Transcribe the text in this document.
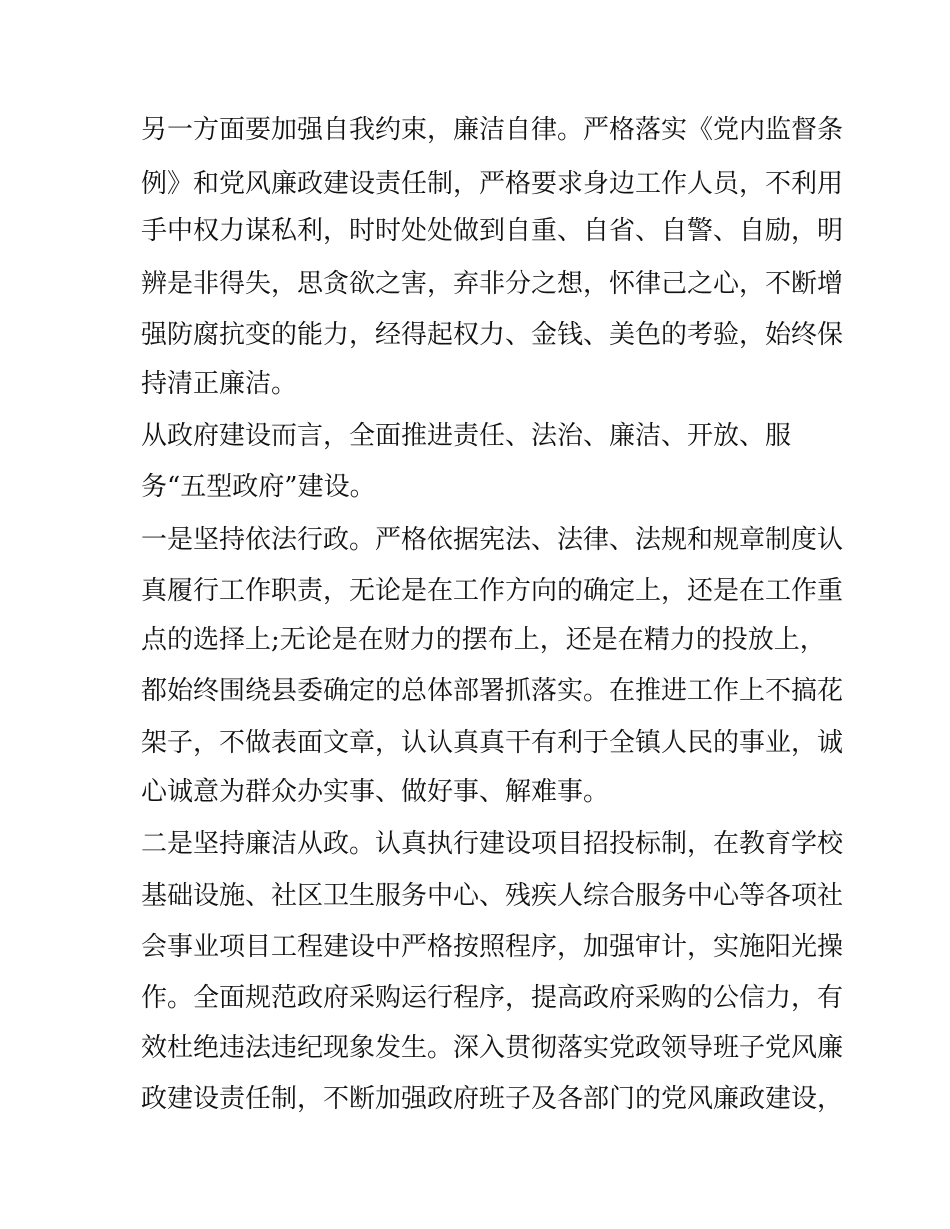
另一方面要加强自我约束，廉洁自律。严格落实《党内监督条

例》和党风廉政建设责任制，严格要求身边工作人员，不利用

手中权力谋私利，时时处处做到自重、自省、自警、自励，明

辨是非得失，思贪欲之害，弃非分之想，怀律己之心，不断增

强防腐抗变的能力，经得起权力、金钱、美色的考验，始终保

持清正廉洁。

从政府建设而言，全面推进责任、法治、廉洁、开放、服

务“五型政府”建设。

一是坚持依法行政。严格依据宪法、法律、法规和规章制度认

真履行工作职责，无论是在工作方向的确定上，还是在工作重

点的选择上;无论是在财力的摆布上，还是在精力的投放上，

都始终围绕县委确定的总体部署抓落实。在推进工作上不搞花

架子，不做表面文章，认认真真干有利于全镇人民的事业，诚

心诚意为群众办实事、做好事、解难事。

二是坚持廉洁从政。认真执行建设项目招投标制，在教育学校

基础设施、社区卫生服务中心、残疾人综合服务中心等各项社

会事业项目工程建设中严格按照程序，加强审计，实施阳光操

作。全面规范政府采购运行程序，提高政府采购的公信力，有

效杜绝违法违纪现象发生。深入贯彻落实党政领导班子党风廉

政建设责任制，不断加强政府班子及各部门的党风廉政建设，
